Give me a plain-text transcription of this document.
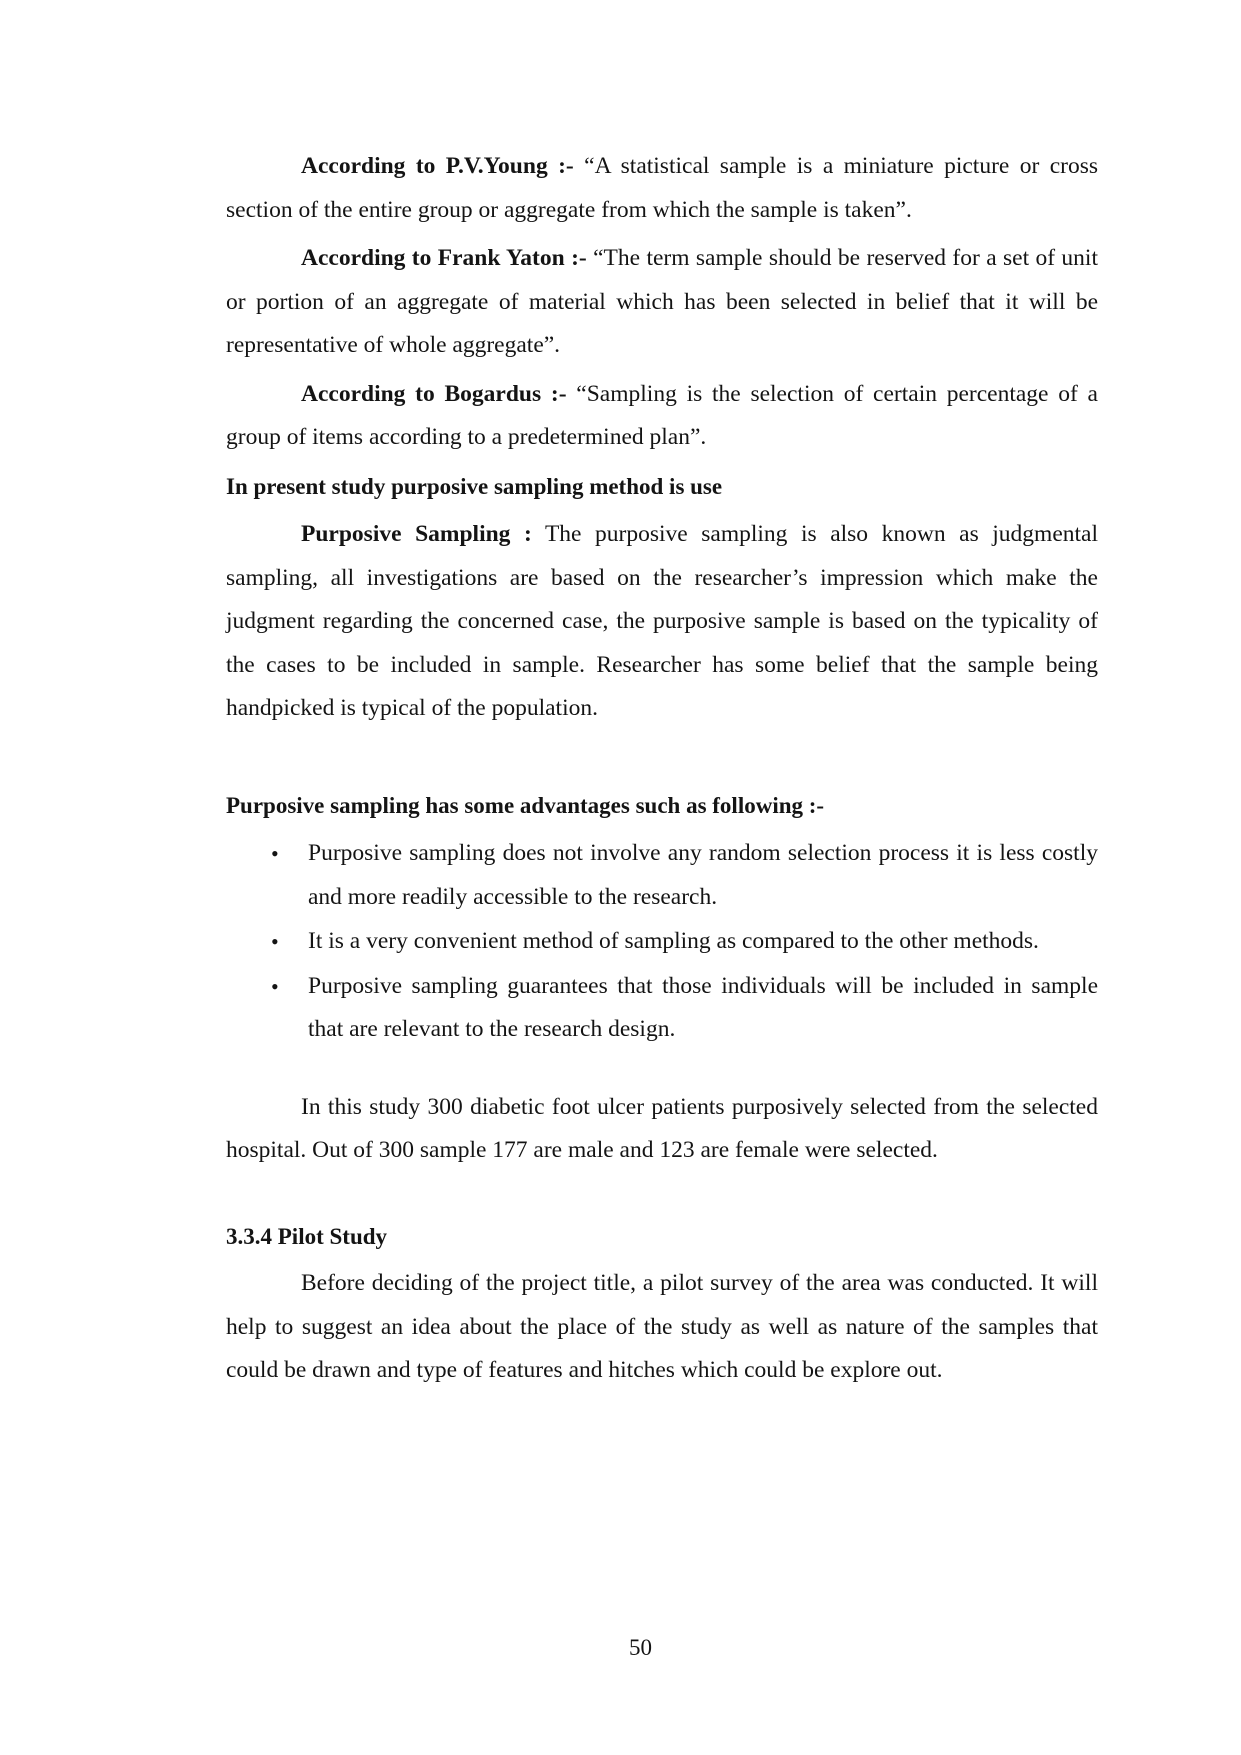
According to P.V.Young :- “A statistical sample is a miniature picture or cross section of the entire group or aggregate from which the sample is taken”.

According to Frank Yaton :- “The term sample should be reserved for a set of unit or portion of an aggregate of material which has been selected in belief that it will be representative of whole aggregate”.

According to Bogardus :- “Sampling is the selection of certain percentage of a group of items according to a predetermined plan”.

In present study purposive sampling method is use

Purposive Sampling : The purposive sampling is also known as judgmental sampling, all investigations are based on the researcher’s impression which make the judgment regarding the concerned case, the purposive sample is based on the typicality of the cases to be included in sample. Researcher has some belief that the sample being handpicked is typical of the population.

Purposive sampling has some advantages such as following :-

• Purposive sampling does not involve any random selection process it is less costly and more readily accessible to the research.
• It is a very convenient method of sampling as compared to the other methods.
• Purposive sampling guarantees that those individuals will be included in sample that are relevant to the research design.

In this study 300 diabetic foot ulcer patients purposively selected from the selected hospital. Out of 300 sample 177 are male and 123 are female were selected.

3.3.4 Pilot Study

Before deciding of the project title, a pilot survey of the area was conducted. It will help to suggest an idea about the place of the study as well as nature of the samples that could be drawn and type of features and hitches which could be explore out.

50
